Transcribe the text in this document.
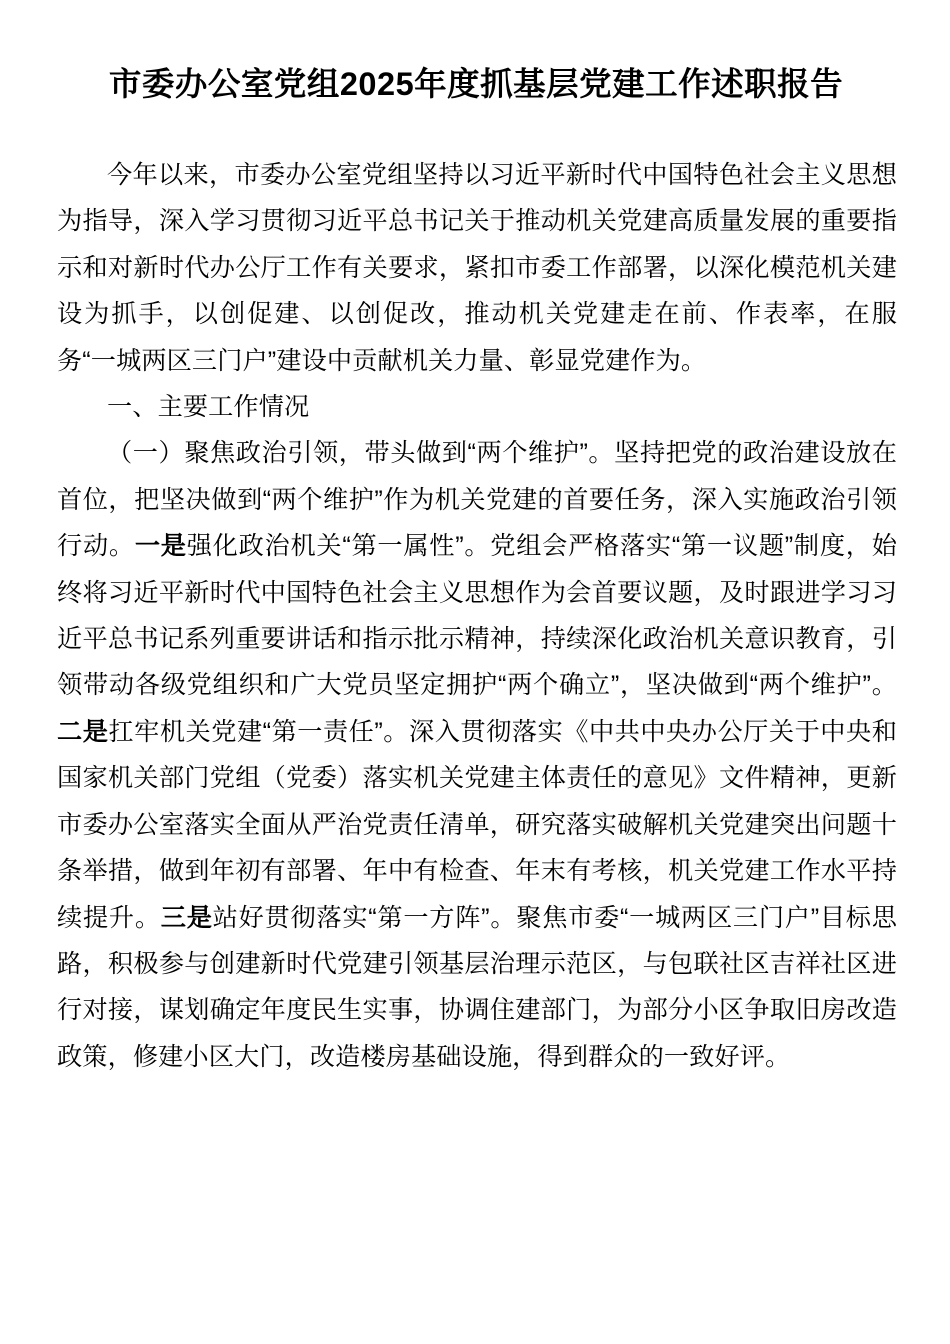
市委办公室党组2025年度抓基层党建工作述职报告

今年以来，市委办公室党组坚持以习近平新时代中国特色社会主义思想为指导，深入学习贯彻习近平总书记关于推动机关党建高质量发展的重要指示和对新时代办公厅工作有关要求，紧扣市委工作部署，以深化模范机关建设为抓手，以创促建、以创促改，推动机关党建走在前、作表率，在服务“一城两区三门户”建设中贡献机关力量、彰显党建作为。

一、主要工作情况

（一）聚焦政治引领，带头做到“两个维护”。坚持把党的政治建设放在首位，把坚决做到“两个维护”作为机关党建的首要任务，深入实施政治引领行动。一是强化政治机关“第一属性”。党组会严格落实“第一议题”制度，始终将习近平新时代中国特色社会主义思想作为会首要议题，及时跟进学习习近平总书记系列重要讲话和指示批示精神，持续深化政治机关意识教育，引领带动各级党组织和广大党员坚定拥护“两个确立”，坚决做到“两个维护”。二是扛牢机关党建“第一责任”。深入贯彻落实《中共中央办公厅关于中央和国家机关部门党组（党委）落实机关党建主体责任的意见》文件精神，更新市委办公室落实全面从严治党责任清单，研究落实破解机关党建突出问题十条举措，做到年初有部署、年中有检查、年末有考核，机关党建工作水平持续提升。三是站好贯彻落实“第一方阵”。聚焦市委“一城两区三门户”目标思路，积极参与创建新时代党建引领基层治理示范区，与包联社区吉祥社区进行对接，谋划确定年度民生实事，协调住建部门，为部分小区争取旧房改造政策，修建小区大门，改造楼房基础设施，得到群众的一致好评。
